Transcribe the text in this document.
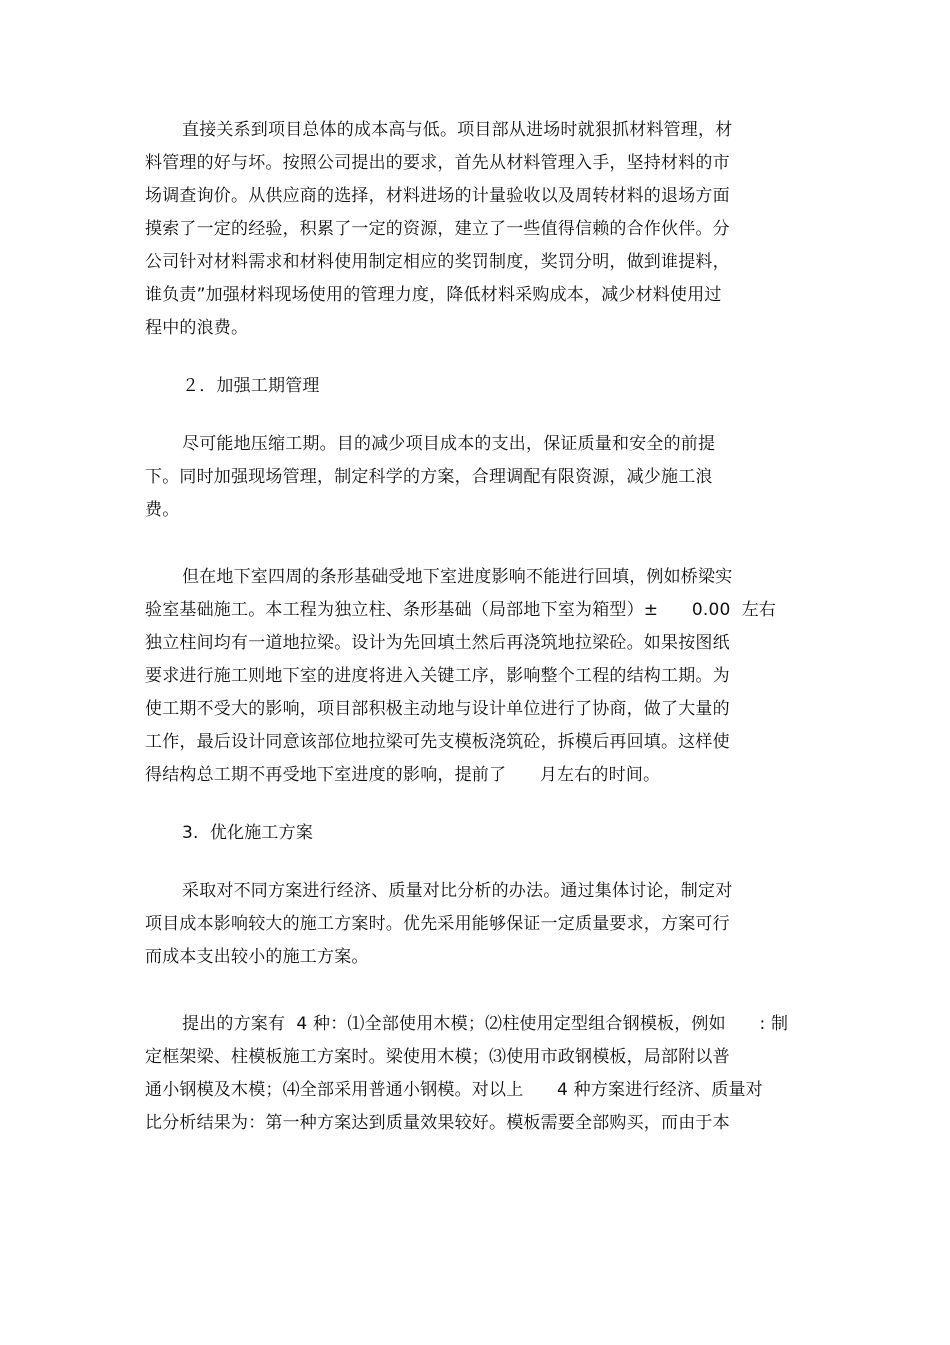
直接关系到项目总体的成本高与低。项目部从进场时就狠抓材料管理，材
料管理的好与坏。按照公司提出的要求，首先从材料管理入手，坚持材料的市
场调查询价。从供应商的选择，材料进场的计量验收以及周转材料的退场方面
摸索了一定的经验，积累了一定的资源，建立了一些值得信赖的合作伙伴。分
公司针对材料需求和材料使用制定相应的奖罚制度，奖罚分明，做到谁提料，
谁负责”加强材料现场使用的管理力度，降低材料采购成本，减少材料使用过
程中的浪费。
２．加强工期管理
尽可能地压缩工期。目的减少项目成本的支出，保证质量和安全的前提
下。同时加强现场管理，制定科学的方案，合理调配有限资源，减少施工浪
费。
但在地下室四周的条形基础受地下室进度影响不能进行回填，例如桥梁实
验室基础施工。本工程为独立柱、条形基础（局部地下室为箱型）±      0.00  左右
独立柱间均有一道地拉梁。设计为先回填土然后再浇筑地拉梁砼。如果按图纸
要求进行施工则地下室的进度将进入关键工序，影响整个工程的结构工期。为
使工期不受大的影响，项目部积极主动地与设计单位进行了协商，做了大量的
工作，最后设计同意该部位地拉梁可先支模板浇筑砼，拆模后再回填。这样使
得结构总工期不再受地下室进度的影响，提前了      月左右的时间。
3.  优化施工方案
采取对不同方案进行经济、质量对比分析的办法。通过集体讨论，制定对
项目成本影响较大的施工方案时。优先采用能够保证一定质量要求，方案可行
而成本支出较小的施工方案。
提出的方案有  4 种：⑴全部使用木模；⑵柱使用定型组合钢模板，例如      : 制
定框架梁、柱模板施工方案时。梁使用木模；⑶使用市政钢模板，局部附以普
通小钢模及木模；⑷全部采用普通小钢模。对以上      4 种方案进行经济、质量对
比分析结果为：第一种方案达到质量效果较好。模板需要全部购买，而由于本
